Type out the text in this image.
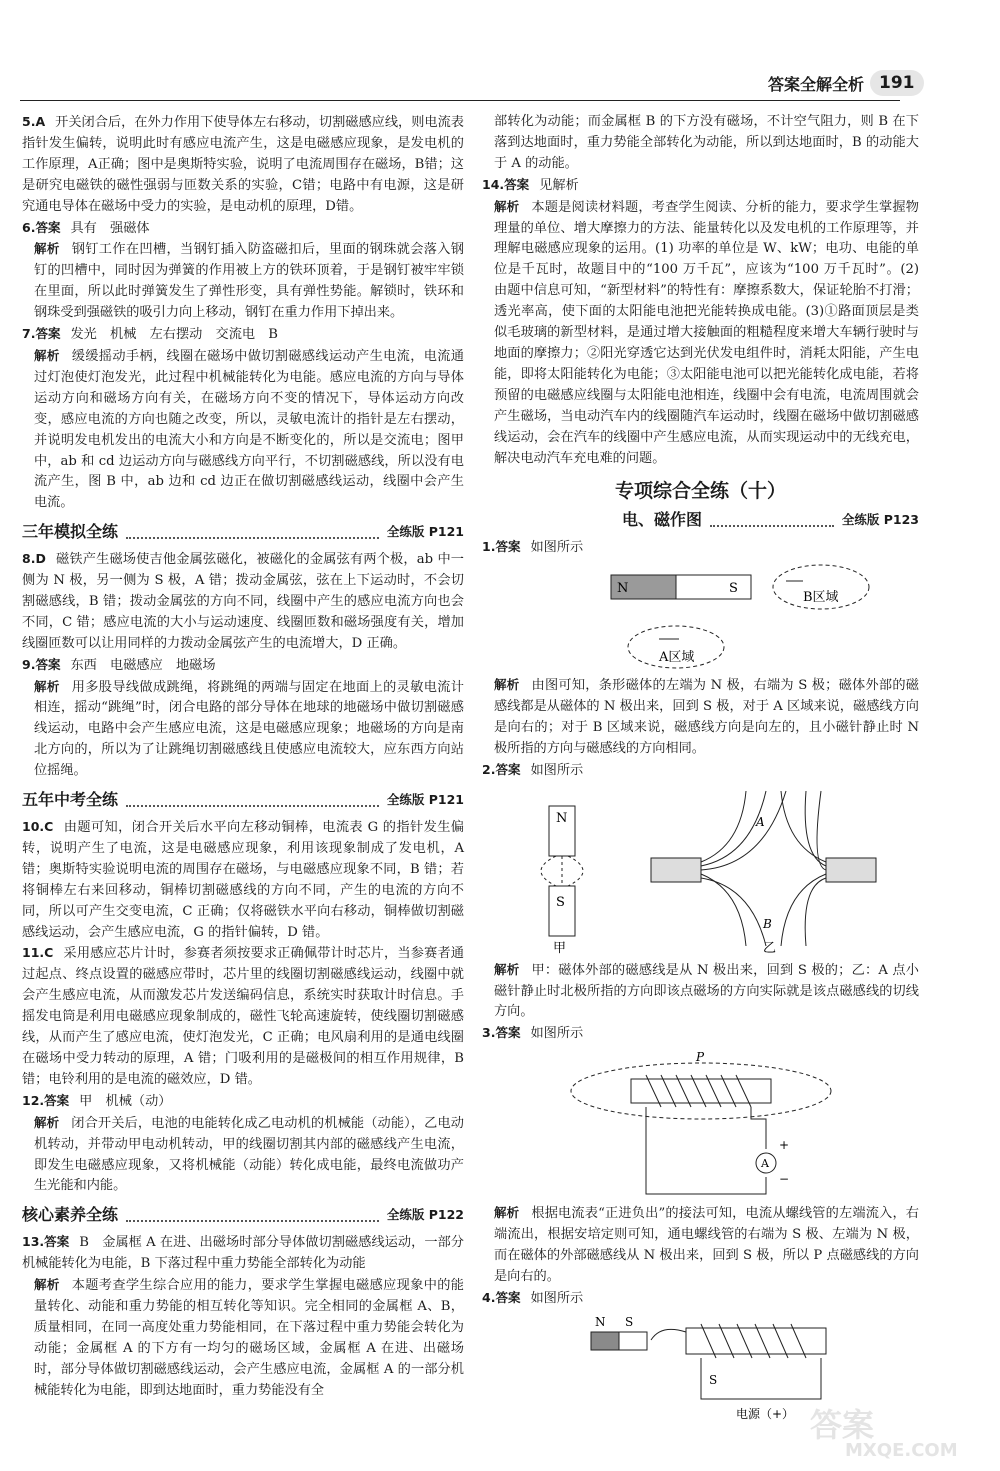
答案全解全析 191

5.A 开关闭合后，在外力作用下使导体左右移动，切割磁感应线，则电流表指针发生偏转，说明此时有感应电流产生，这是电磁感应现象，是发电机的工作原理，A正确；图中是奥斯特实验，说明了电流周围存在磁场，B错；这是研究电磁铁的磁性强弱与匝数关系的实验，C错；电路中有电源，这是研究通电导体在磁场中受力的实验，是电动机的原理，D错。

6.答案 具有　强磁体

解析 钢钉工作在凹槽，当钢钉插入防盗磁扣后，里面的钢珠就会落入钢钉的凹槽中，同时因为弹簧的作用被上方的铁环顶着，于是钢钉被牢牢锁在里面，所以此时弹簧发生了弹性形变，具有弹性势能。解锁时，铁环和钢珠受到强磁铁的吸引力向上移动，钢钉在重力作用下掉出来。

7.答案 发光　机械　左右摆动　交流电　B

解析 缓缓摇动手柄，线圈在磁场中做切割磁感线运动产生电流，电流通过灯泡使灯泡发光，此过程中机械能转化为电能。感应电流的方向与导体运动方向和磁场方向有关，在磁场方向不变的情况下，导体运动方向改变，感应电流的方向也随之改变，所以，灵敏电流计的指针是左右摆动，并说明发电机发出的电流大小和方向是不断变化的，所以是交流电；图甲中，ab 和 cd 边运动方向与磁感线方向平行，不切割磁感线，所以没有电流产生，图 B 中，ab 边和 cd 边正在做切割磁感线运动，线圈中会产生电流。

三年模拟全练	全练版 P121

8.D 磁铁产生磁场使吉他金属弦磁化，被磁化的金属弦有两个极，ab 中一侧为 N 极，另一侧为 S 极，A 错；拨动金属弦，弦在上下运动时，不会切割磁感线，B 错；拨动金属弦的方向不同，线圈中产生的感应电流方向也会不同，C 错；感应电流的大小与运动速度、线圈匝数和磁场强度有关，增加线圈匝数可以让用同样的力拨动金属弦产生的电流增大，D 正确。

9.答案 东西　电磁感应　地磁场

解析 用多股导线做成跳绳，将跳绳的两端与固定在地面上的灵敏电流计相连，摇动“跳绳”时，闭合电路的部分导体在地球的地磁场中做切割磁感线运动，电路中会产生感应电流，这是电磁感应现象；地磁场的方向是南北方向的，所以为了让跳绳切割磁感线且使感应电流较大，应东西方向站位摇绳。

五年中考全练	全练版 P121

10.C 由题可知，闭合开关后水平向左移动铜棒，电流表 G 的指针发生偏转，说明产生了电流，这是电磁感应现象，利用该现象制成了发电机，A 错；奥斯特实验说明电流的周围存在磁场，与电磁感应现象不同，B 错；若将铜棒左右来回移动，铜棒切割磁感线的方向不同，产生的电流的方向不同，所以可产生交变电流，C 正确；仅将磁铁水平向右移动，铜棒做切割磁感线运动，会产生感应电流，G 的指针偏转，D 错。

11.C 采用感应芯片计时，参赛者须按要求正确佩带计时芯片，当参赛者通过起点、终点设置的磁感应带时，芯片里的线圈切割磁感线运动，线圈中就会产生感应电流，从而激发芯片发送编码信息，系统实时获取计时信息。手摇发电筒是利用电磁感应现象制成的，磁性飞轮高速旋转，使线圈切割磁感线，从而产生了感应电流，使灯泡发光，C 正确；电风扇利用的是通电线圈在磁场中受力转动的原理，A 错；门吸利用的是磁极间的相互作用规律，B 错；电铃利用的是电流的磁效应，D 错。

12.答案 甲　机械（动）

解析 闭合开关后，电池的电能转化成乙电动机的机械能（动能），乙电动机转动，并带动甲电动机转动，甲的线圈切割其内部的磁感线产生电流，即发生电磁感应现象，又将机械能（动能）转化成电能，最终电流做功产生光能和内能。

核心素养全练	全练版 P122

13.答案 B　金属框 A 在进、出磁场时部分导体做切割磁感线运动，一部分机械能转化为电能，B 下落过程中重力势能全部转化为动能

解析 本题考查学生综合应用的能力，要求学生掌握电磁感应现象中的能量转化、动能和重力势能的相互转化等知识。完全相同的金属框 A、B，质量相同，在同一高度处重力势能相同，在下落过程中重力势能会转化为动能；金属框 A 的下方有一均匀的磁场区域，金属框 A 在进、出磁场时，部分导体做切割磁感线运动，会产生感应电流，金属框 A 的一部分机械能转化为电能，即到达地面时，重力势能没有全

部转化为动能；而金属框 B 的下方没有磁场，不计空气阻力，则 B 在下落到达地面时，重力势能全部转化为动能，所以到达地面时，B 的动能大于 A 的动能。

14.答案 见解析

解析 本题是阅读材料题，考查学生阅读、分析的能力，要求学生掌握物理量的单位、增大摩擦力的方法、能量转化以及发电机的工作原理等，并理解电磁感应现象的运用。(1) 功率的单位是 W、kW；电功、电能的单位是千瓦时，故题目中的“100 万千瓦”，应该为“100 万千瓦时”。(2) 由题中信息可知，“新型材料”的特性有：摩擦系数大，保证轮胎不打滑；透光率高，使下面的太阳能电池把光能转换成电能。(3)①路面顶层是类似毛玻璃的新型材料，是通过增大接触面的粗糙程度来增大车辆行驶时与地面的摩擦力；②阳光穿透它达到光伏发电组件时，消耗太阳能，产生电能，即将太阳能转化为电能；③太阳能电池可以把光能转化成电能，若将预留的电磁感应线圈与太阳能电池相连，线圈中会有电流，电流周围就会产生磁场，当电动汽车内的线圈随汽车运动时，线圈在磁场中做切割磁感线运动，会在汽车的线圈中产生感应电流，从而实现运动中的无线充电，解决电动汽车充电难的问题。

专项综合全练（十）
电、磁作图	全练版 P123

1.答案 如图所示

N	S
B区域
A区域

解析 由图可知，条形磁体的左端为 N 极，右端为 S 极；磁体外部的磁感线都是从磁体的 N 极出来，回到 S 极，对于 A 区域来说，磁感线方向是向右的；对于 B 区域来说，磁感线方向是向左的，且小磁针静止时 N 极所指的方向与磁感线的方向相同。

2.答案 如图所示

N
S
甲
A
B
乙

解析 甲：磁体外部的磁感线是从 N 极出来，回到 S 极的；乙：A 点小磁针静止时北极所指的方向即该点磁场的方向实际就是该点磁感线的切线方向。

3.答案 如图所示

P
A
+
−

解析 根据电流表“正进负出”的接法可知，电流从螺线管的左端流入，右端流出，根据安培定则可知，通电螺线管的右端为 S 极、左端为 N 极，而在磁体的外部磁感线从 N 极出来，回到 S 极，所以 P 点磁感线的方向是向右的。

4.答案 如图所示

N S
S
电源（+） 答案
MXQE.COM
